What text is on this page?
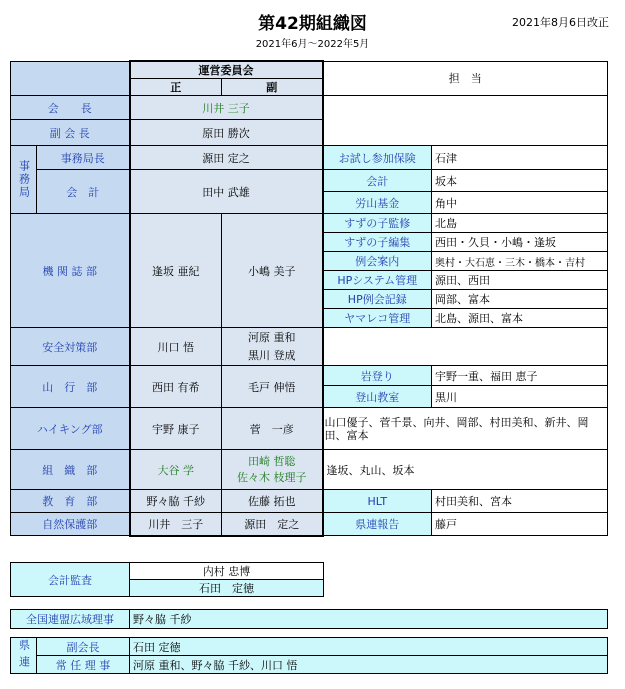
第42期組織図
2021年6月～2022年5月
2021年8月6日改正
		運営委員会		担　当	
		正	副		
会　　長		川井 三子			
副 会 長		原田 勝次			
事務局	事務局長	源田 定之		お試し参加保険	石津
	会　計	田中 武雄		会計	坂本
				労山基金	角中
機 関 誌 部		逢坂 亜紀	小嶋 美子	すずの子監修	北島
				すずの子編集	西田・久貝・小嶋・逢坂
				例会案内	奥村・大石恵・三木・橋本・吉村
				HPシステム管理	源田、西田
				HP例会記録	岡部、富本
				ヤマレコ管理	北島、源田、富本
安全対策部		川口 悟	河原 重和
黒川 登成		

山　行　部		西田 有希	毛戸 伸悟	岩登り	宇野一重、福田 恵子
				登山教室	黒川
ハイキング部		宇野 康子	菅　一彦	山口優子、菅千景、向井、岡部、村田美和、新井、岡田、富本	
組　織　部		大谷 学	田崎 哲聡
佐々木 枝理子	逢坂、丸山、坂本	
教　育　部		野々脇 千紗	佐藤 拓也	HLT	村田美和、宮本
自然保護部		川井　三子	源田　定之	県連報告	藤戸
会計監査	内村 忠博
石田　定徳
全国連盟広域理事	野々脇 千紗
県連	副会長	石田 定徳
	常 任 理 事	河原 重和、野々脇 千紗、川口 悟
